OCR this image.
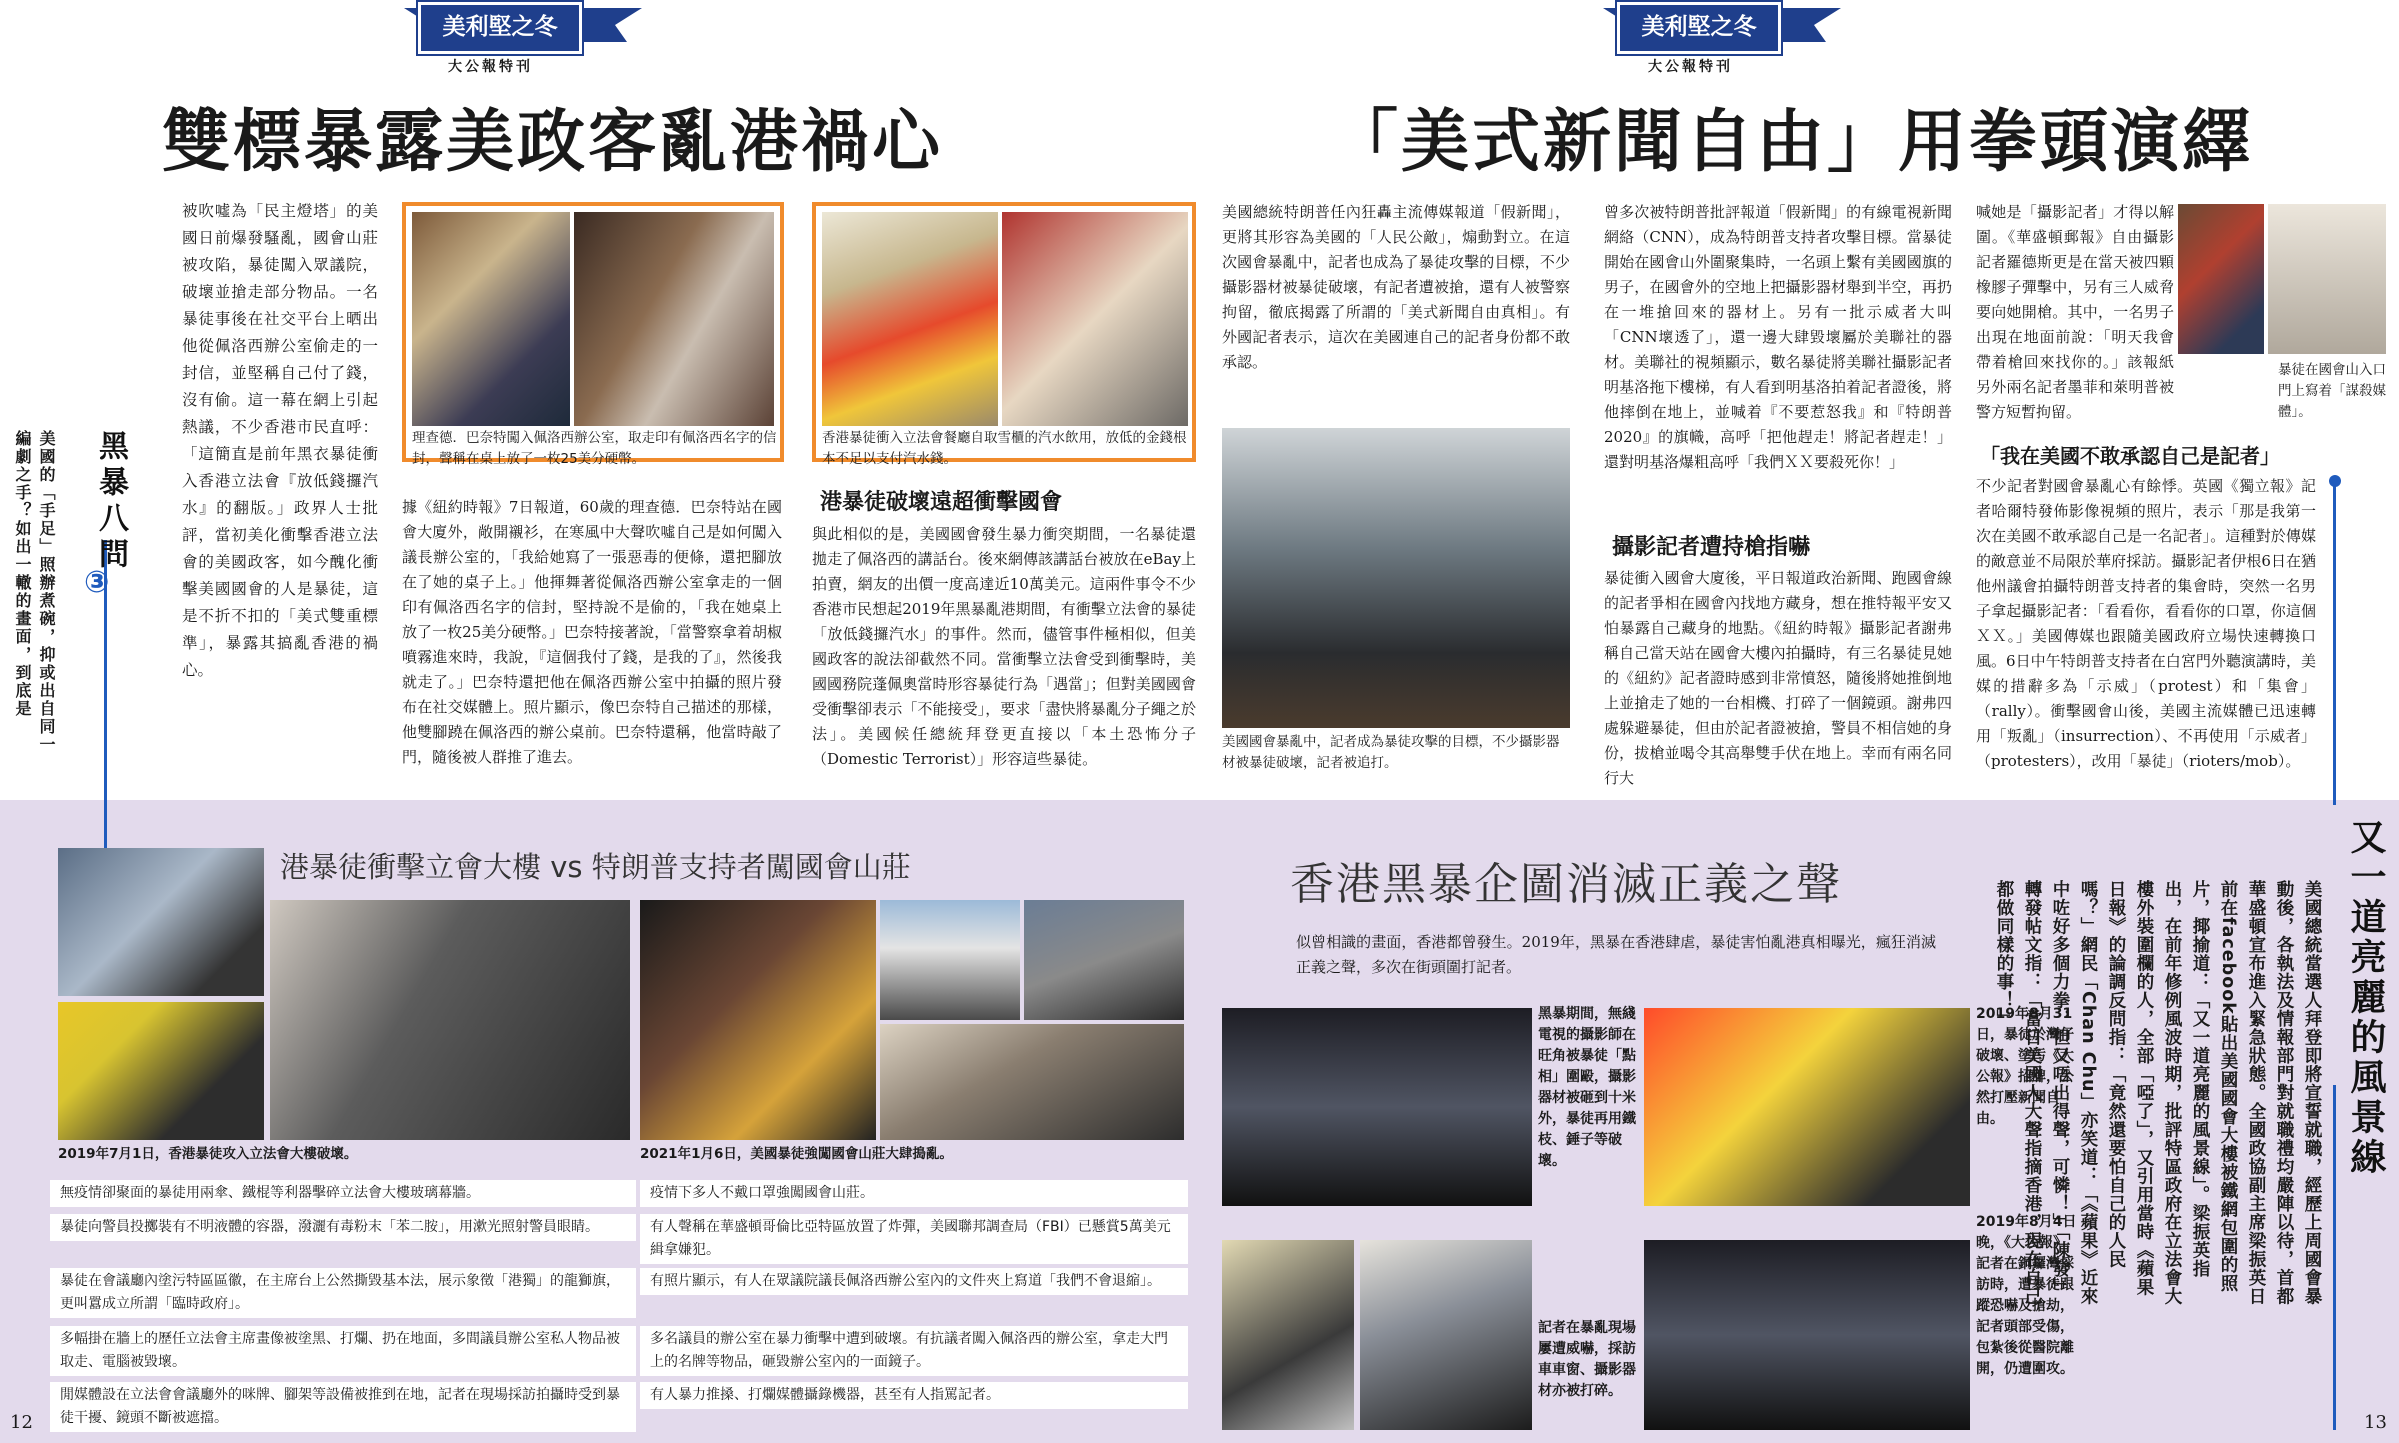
美利堅之冬
大公報特刊
雙標暴露美政客亂港禍心
黑暴八問
③
美國的「手足」照辦煮碗，抑或出自同一編劇之手？如出一轍的畫面，到底是
被吹噓為「民主燈塔」的美國日前爆發騷亂，國會山莊被攻陷，暴徒闖入眾議院，破壞並搶走部分物品。一名暴徒事後在社交平台上晒出他從佩洛西辦公室偷走的一封信，並堅稱自己付了錢，沒有偷。這一幕在網上引起熱議，不少香港市民直呼：「這簡直是前年黑衣暴徒衝入香港立法會『放低錢攞汽水』的翻版。」政界人士批評，當初美化衝擊香港立法會的美國政客，如今醜化衝擊美國國會的人是暴徒，這是不折不扣的「美式雙重標準」，暴露其搞亂香港的禍心。
理查德．巴奈特闖入佩洛西辦公室，取走印有佩洛西名字的信封，聲稱在桌上放了一枚25美分硬幣。
據《紐約時報》7日報道，60歲的理查德．巴奈特站在國會大廈外，敞開襯衫，在寒風中大聲吹噓自己是如何闖入議長辦公室的，「我給她寫了一張惡毒的便條，還把腳放在了她的桌子上。」他揮舞著從佩洛西辦公室拿走的一個印有佩洛西名字的信封，堅持說不是偷的，「我在她桌上放了一枚25美分硬幣。」巴奈特接著說，「當警察拿着胡椒噴霧進來時，我說，『這個我付了錢，是我的了』，然後我就走了。」巴奈特還把他在佩洛西辦公室中拍攝的照片發布在社交媒體上。照片顯示，像巴奈特自己描述的那樣，他雙腳蹺在佩洛西的辦公桌前。巴奈特還稱，他當時敲了門，隨後被人群推了進去。
香港暴徒衝入立法會餐廳自取雪櫃的汽水飲用，放低的金錢根本不足以支付汽水錢。
港暴徒破壞遠超衝擊國會
與此相似的是，美國國會發生暴力衝突期間，一名暴徒還拋走了佩洛西的講話台。後來網傳該講話台被放在eBay上拍賣，網友的出價一度高達近10萬美元。這兩件事令不少香港市民想起2019年黑暴亂港期間，有衝擊立法會的暴徒「放低錢攞汽水」的事件。然而，儘管事件極相似，但美國政客的說法卻截然不同。當衝擊立法會受到衝擊時，美國國務院蓬佩奧當時形容暴徒行為「遇當」；但對美國國會受衝擊卻表示「不能接受」，要求「盡快將暴亂分子繩之於法」。美國候任總統拜登更直接以「本土恐怖分子（Domestic Terrorist）」形容這些暴徒。
美利堅之冬
大公報特刊
「美式新聞自由」用拳頭演繹
美國總統特朗普任內狂轟主流傳媒報道「假新聞」，更將其形容為美國的「人民公敵」，煽動對立。在這次國會暴亂中，記者也成為了暴徒攻擊的目標，不少攝影器材被暴徒破壞，有記者遭被搶，還有人被警察拘留，徹底揭露了所謂的「美式新聞自由真相」。有外國記者表示，這次在美國連自己的記者身份都不敢承認。
美國國會暴亂中，記者成為暴徒攻擊的目標，不少攝影器材被暴徒破壞，記者被追打。
曾多次被特朗普批評報道「假新聞」的有線電視新聞網絡（CNN），成為特朗普支持者攻擊目標。當暴徒開始在國會山外圍聚集時，一名頭上繫有美國國旗的男子，在國會外的空地上把攝影器材舉到半空，再扔在一堆搶回來的器材上。另有一批示威者大叫「CNN壞透了」，還一邊大肆毀壞屬於美聯社的器材。美聯社的視頻顯示，數名暴徒將美聯社攝影記者明基洛拖下樓梯，有人看到明基洛拍着記者證後，將他摔倒在地上，並喊着『不要惹怒我』和『特朗普2020』的旗幟，高呼「把他趕走！將記者趕走！」還對明基洛爆粗高呼「我們ＸＸ要殺死你！」
攝影記者遭持槍指嚇
暴徒衝入國會大廈後，平日報道政治新聞、跑國會線的記者爭相在國會內找地方藏身，想在推特報平安又怕暴露自己藏身的地點。《紐約時報》攝影記者謝弗稱自己當天站在國會大樓內拍攝時，有三名暴徒見她的《紐約》記者證時感到非常憤怒，隨後將她推倒地上並搶走了她的一台相機、打碎了一個鏡頭。謝弗四處躲避暴徒，但由於記者證被搶，警員不相信她的身份，拔槍並喝令其高舉雙手伏在地上。幸而有兩名同行大
喊她是「攝影記者」才得以解圍。《華盛頓郵報》自由攝影記者羅德斯更是在當天被四顆橡膠子彈擊中，另有三人威脅要向她開槍。其中，一名男子出現在地面前說：「明天我會帶着槍回來找你的。」該報紙另外兩名記者墨菲和萊明普被警方短暫拘留。
暴徒在國會山入口門上寫着「謀殺媒體」。
「我在美國不敢承認自己是記者」
不少記者對國會暴亂心有餘悸。英國《獨立報》記者哈爾特發佈影像視頻的照片，表示「那是我第一次在美國不敢承認自己是一名記者」。這種對於傳媒的敵意並不局限於華府採訪。攝影記者伊根6日在猶他州議會拍攝特朗普支持者的集會時，突然一名男子拿起攝影記者：「看看你，看看你的口罩，你這個ＸＸ。」美國傳媒也跟隨美國政府立場快速轉換口風。6日中午特朗普支持者在白宮門外聽演講時，美媒的措辭多為「示威」（protest）和「集會」（rally）。衝擊國會山後，美國主流媒體已迅速轉用「叛亂」（insurrection）、不再使用「示威者」（protesters），改用「暴徒」（rioters/mob）。
港暴徒衝擊立會大樓 vs 特朗普支持者闖國會山莊
2019年7月1日，香港暴徒攻入立法會大樓破壞。	2021年1月6日，美國暴徒強闖國會山莊大肆搗亂。
無疫情卻聚面的暴徒用兩傘、鐵棍等利器擊碎立法會大樓玻璃幕牆。
暴徒向警員投擲裝有不明液體的容器，潑灑有毒粉末「苯二胺」，用漱光照射警員眼睛。
暴徒在會議廳內塗污特區區徽，在主席台上公然撕毀基本法，展示象徵「港獨」的龍獅旗，更叫囂成立所謂「臨時政府」。
多幅掛在牆上的歷任立法會主席畫像被塗黑、打爛、扔在地面，多間議員辦公室私人物品被取走、電腦被毀壞。
閒媒體設在立法會會議廳外的咪牌、腳架等設備被推到在地，記者在現場採訪拍攝時受到暴徒干擾、鏡頭不斷被遮擋。
疫情下多人不戴口罩強闖國會山莊。
有人聲稱在華盛頓哥倫比亞特區放置了炸彈，美國聯邦調查局（FBI）已懸賞5萬美元緝拿嫌犯。
有照片顯示，有人在眾議院議長佩洛西辦公室內的文件夾上寫道「我們不會退縮」。
多名議員的辦公室在暴力衝擊中遭到破壞。有抗議者闖入佩洛西的辦公室，拿走大門上的名牌等物品，砸毀辦公室內的一面鏡子。
有人暴力推搡、打爛媒體攝錄機器，甚至有人指罵記者。
12
香港黑暴企圖消滅正義之聲
似曾相識的畫面，香港都曾發生。2019年，黑暴在香港肆虐，暴徒害怕亂港真相曝光，瘋狂消滅正義之聲，多次在街頭圍打記者。
黑暴期間，無綫電視的攝影師在旺角被暴徒「點相」圍毆，攝影器材被砸到十米外，暴徒再用鐵枝、錘子等破壞。
2019年8月31日，暴徒於灣仔破壞、塗污《大公報》招牌，公然打壓新聞自由。
記者在暴亂現場屢遭威嚇，採訪車車窗、攝影器材亦被打碎。
2019年8月4日晚，《大公報》記者在銅鑼灣採訪時，遭暴徒跟蹤恐嚇及搶劫，記者頭部受傷，包紮後從醫院離開，仍遭圍攻。
又一道亮麗的風景線
美國總統當選人拜登即將宣誓就職，經歷上周國會暴動後，各執法及情報部門對就職禮均嚴陣以待，首都華盛頓宣布進入緊急狀態。全國政協副主席梁振英日前在facebook貼出美國國會大樓被鐵網包圍的照片，揶揄道：「又一道亮麗的風景線」。梁振英指出，在前年修例風波時期，批評特區政府在立法會大樓外裝圍欄的人，全部「啞了」，又引用當時《蘋果日報》的論調反問指：「竟然還要怕自己的人民嗎？」網民「Chan Chu」亦笑道：「《蘋果》近來中咗好多個力拳，但又唔出得聲，可憐！」「陳發」轉發帖文指：「當日美國人大聲指摘香港，現在自己都做同樣的事！」
13
